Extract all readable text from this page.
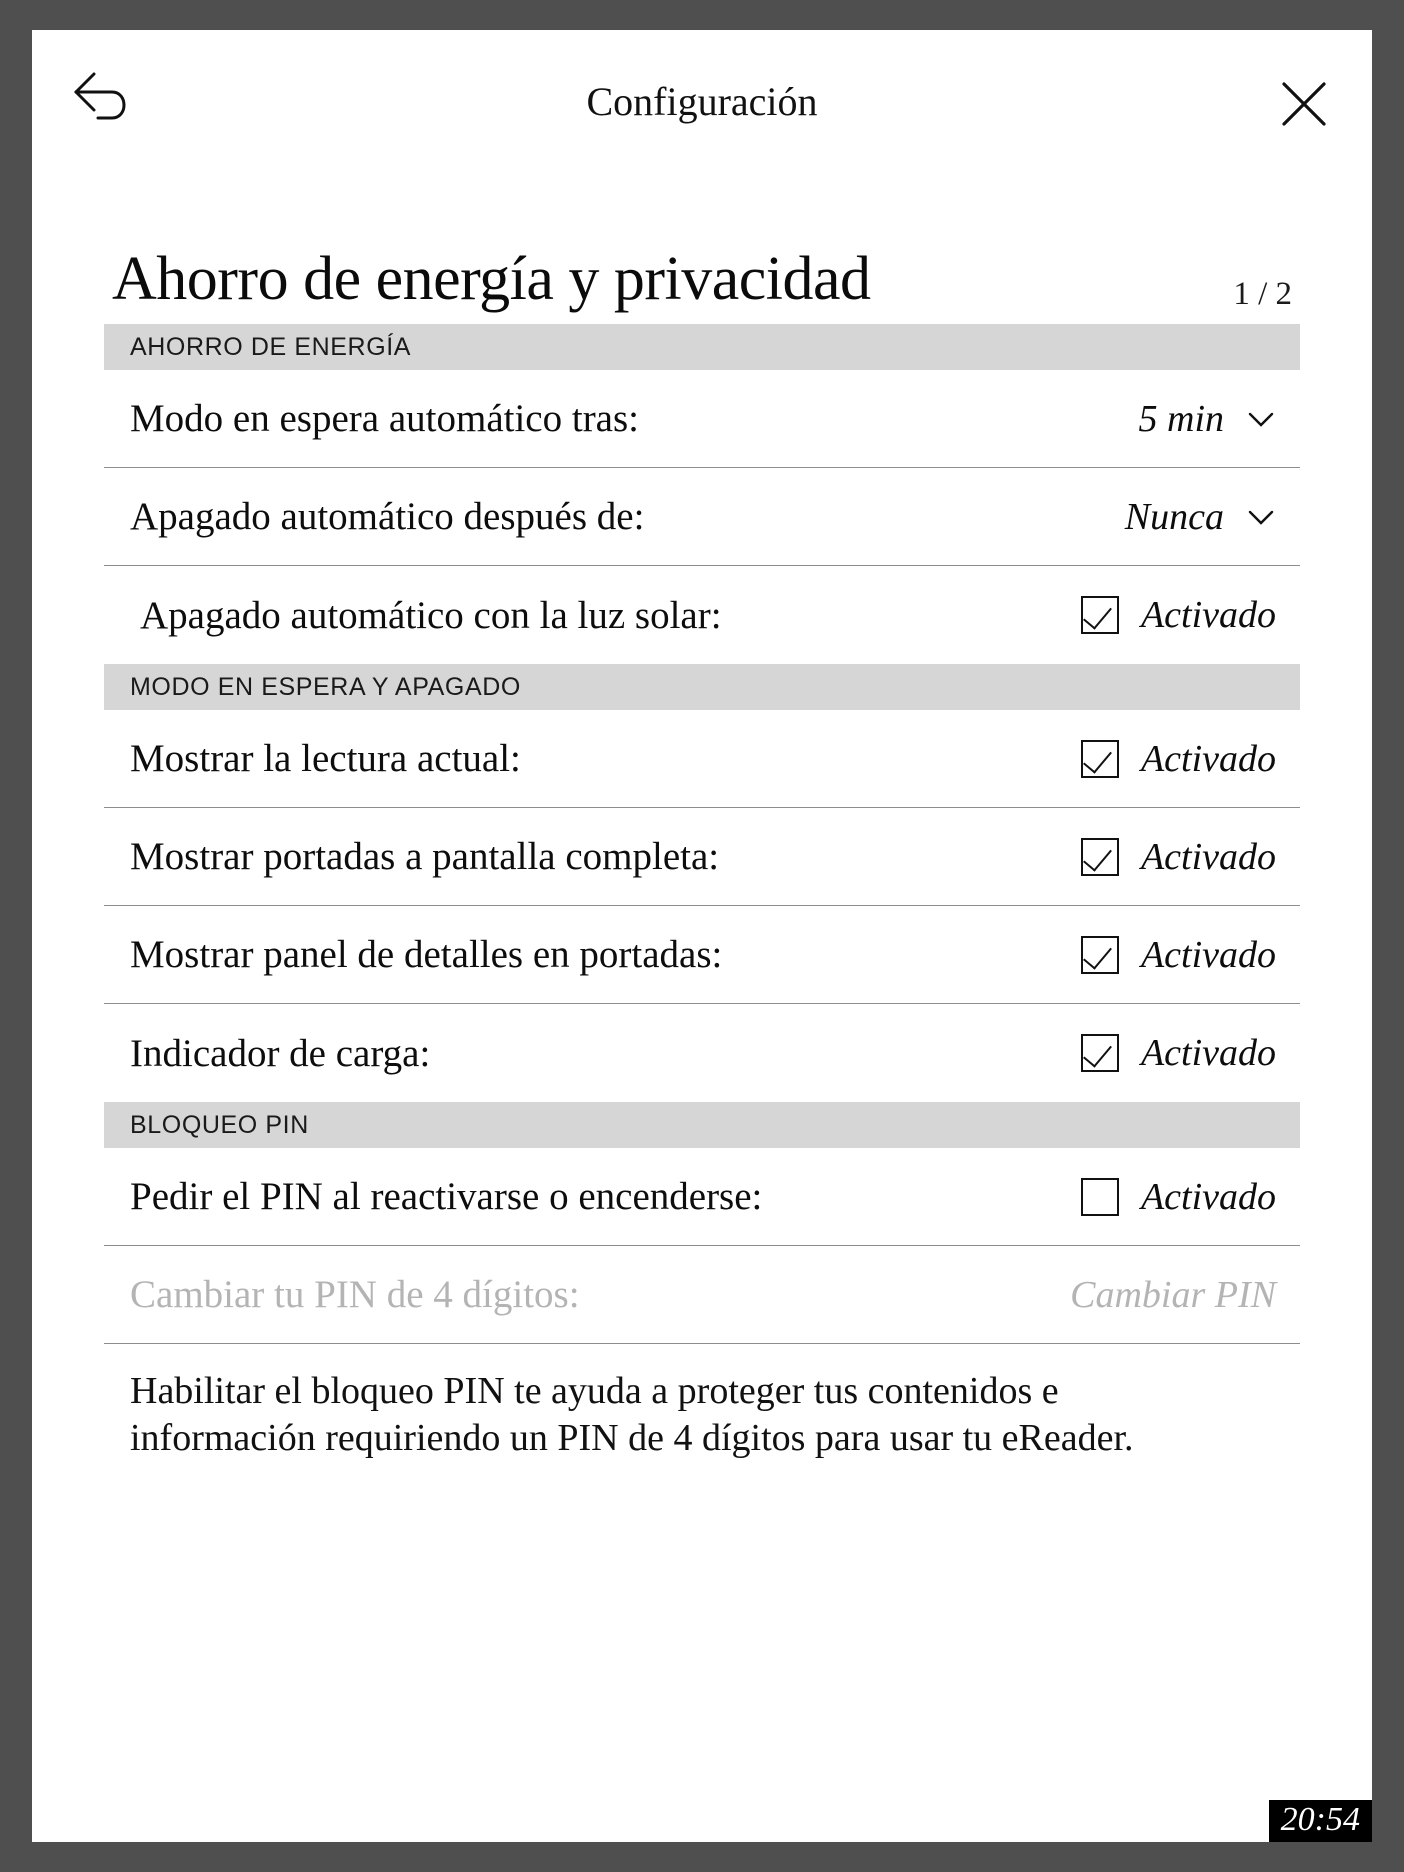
Configuración
Ahorro de energía y privacidad	1 / 2
AHORRO DE ENERGÍA
Modo en espera automático tras:	5 min
Apagado automático después de:	Nunca
Apagado automático con la luz solar:	Activado
MODO EN ESPERA Y APAGADO
Mostrar la lectura actual:	Activado
Mostrar portadas a pantalla completa:	Activado
Mostrar panel de detalles en portadas:	Activado
Indicador de carga:	Activado
BLOQUEO PIN
Pedir el PIN al reactivarse o encenderse:	Activado
Cambiar tu PIN de 4 dígitos:	Cambiar PIN
Habilitar el bloqueo PIN te ayuda a proteger tus contenidos e información requiriendo un PIN de 4 dígitos para usar tu eReader.
20:54
